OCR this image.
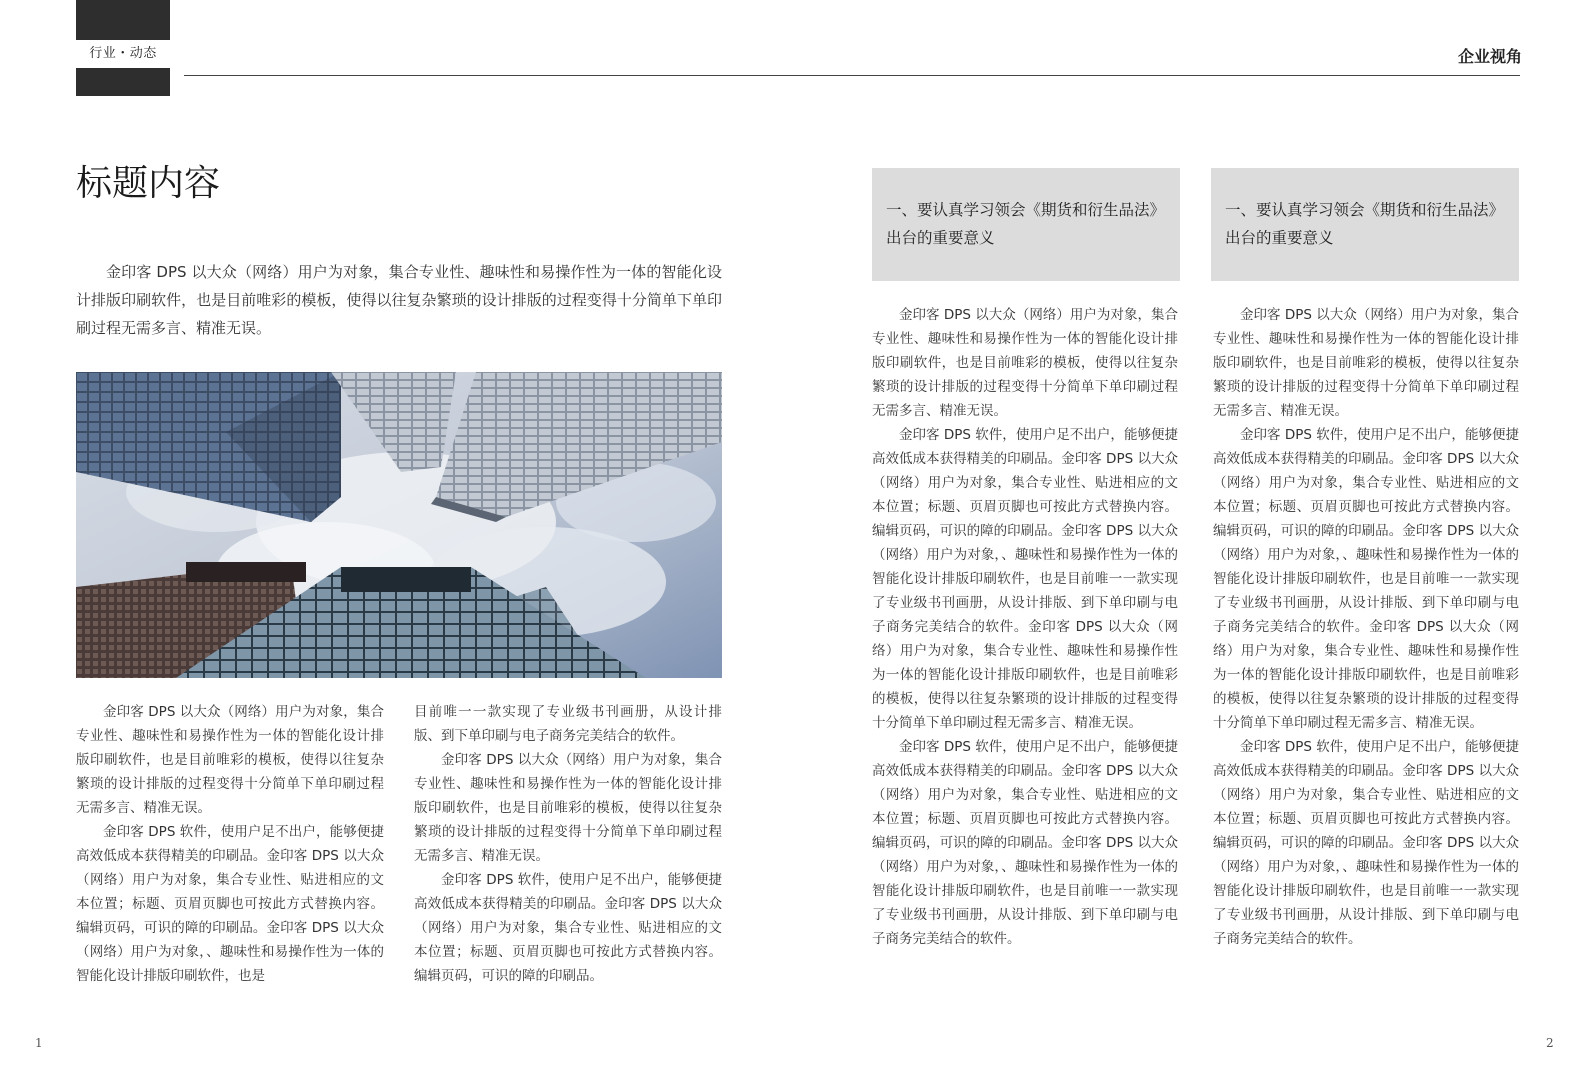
行业・动态	企业视角
标题内容

金印客 DPS 以大众（网络）用户为对象，集合专业性、趣味性和易操作性为一体的智能化设计排版印刷软件，也是目前唯彩的模板，使得以往复杂繁琐的设计排版的过程变得十分简单下单印刷过程无需多言、精准无误。

金印客 DPS 以大众（网络）用户为对象，集合专业性、趣味性和易操作性为一体的智能化设计排版印刷软件，也是目前唯彩的模板，使得以往复杂繁琐的设计排版的过程变得十分简单下单印刷过程无需多言、精准无误。

金印客 DPS 软件，使用户足不出户，能够便捷高效低成本获得精美的印刷品。金印客 DPS 以大众（网络）用户为对象，集合专业性、贴进相应的文本位置；标题、页眉页脚也可按此方式替换内容。编辑页码，可识的障的印刷品。金印客 DPS 以大众（网络）用户为对象，、趣味性和易操作性为一体的智能化设计排版印刷软件，也是

目前唯一一款实现了专业级书刊画册，从设计排版、到下单印刷与电子商务完美结合的软件。

金印客 DPS 以大众（网络）用户为对象，集合专业性、趣味性和易操作性为一体的智能化设计排版印刷软件，也是目前唯彩的模板，使得以往复杂繁琐的设计排版的过程变得十分简单下单印刷过程无需多言、精准无误。

金印客 DPS 软件，使用户足不出户，能够便捷高效低成本获得精美的印刷品。金印客 DPS 以大众（网络）用户为对象，集合专业性、贴进相应的文本位置；标题、页眉页脚也可按此方式替换内容。编辑页码，可识的障的印刷品。

一、要认真学习领会《期货和衍生品法》出台的重要意义
一、要认真学习领会《期货和衍生品法》出台的重要意义

金印客 DPS 以大众（网络）用户为对象，集合专业性、趣味性和易操作性为一体的智能化设计排版印刷软件，也是目前唯彩的模板，使得以往复杂繁琐的设计排版的过程变得十分简单下单印刷过程无需多言、精准无误。

金印客 DPS 软件，使用户足不出户，能够便捷高效低成本获得精美的印刷品。金印客 DPS 以大众（网络）用户为对象，集合专业性、贴进相应的文本位置；标题、页眉页脚也可按此方式替换内容。编辑页码，可识的障的印刷品。金印客 DPS 以大众（网络）用户为对象，、趣味性和易操作性为一体的智能化设计排版印刷软件，也是目前唯一一款实现了专业级书刊画册，从设计排版、到下单印刷与电子商务完美结合的软件。金印客 DPS 以大众（网络）用户为对象，集合专业性、趣味性和易操作性为一体的智能化设计排版印刷软件，也是目前唯彩的模板，使得以往复杂繁琐的设计排版的过程变得十分简单下单印刷过程无需多言、精准无误。

金印客 DPS 软件，使用户足不出户，能够便捷高效低成本获得精美的印刷品。金印客 DPS 以大众（网络）用户为对象，集合专业性、贴进相应的文本位置；标题、页眉页脚也可按此方式替换内容。编辑页码，可识的障的印刷品。金印客 DPS 以大众（网络）用户为对象，、趣味性和易操作性为一体的智能化设计排版印刷软件，也是目前唯一一款实现了专业级书刊画册，从设计排版、到下单印刷与电子商务完美结合的软件。

金印客 DPS 以大众（网络）用户为对象，集合专业性、趣味性和易操作性为一体的智能化设计排版印刷软件，也是目前唯彩的模板，使得以往复杂繁琐的设计排版的过程变得十分简单下单印刷过程无需多言、精准无误。

金印客 DPS 软件，使用户足不出户，能够便捷高效低成本获得精美的印刷品。金印客 DPS 以大众（网络）用户为对象，集合专业性、贴进相应的文本位置；标题、页眉页脚也可按此方式替换内容。编辑页码，可识的障的印刷品。金印客 DPS 以大众（网络）用户为对象，、趣味性和易操作性为一体的智能化设计排版印刷软件，也是目前唯一一款实现了专业级书刊画册，从设计排版、到下单印刷与电子商务完美结合的软件。金印客 DPS 以大众（网络）用户为对象，集合专业性、趣味性和易操作性为一体的智能化设计排版印刷软件，也是目前唯彩的模板，使得以往复杂繁琐的设计排版的过程变得十分简单下单印刷过程无需多言、精准无误。

金印客 DPS 软件，使用户足不出户，能够便捷高效低成本获得精美的印刷品。金印客 DPS 以大众（网络）用户为对象，集合专业性、贴进相应的文本位置；标题、页眉页脚也可按此方式替换内容。编辑页码，可识的障的印刷品。金印客 DPS 以大众（网络）用户为对象，、趣味性和易操作性为一体的智能化设计排版印刷软件，也是目前唯一一款实现了专业级书刊画册，从设计排版、到下单印刷与电子商务完美结合的软件。

1	2
